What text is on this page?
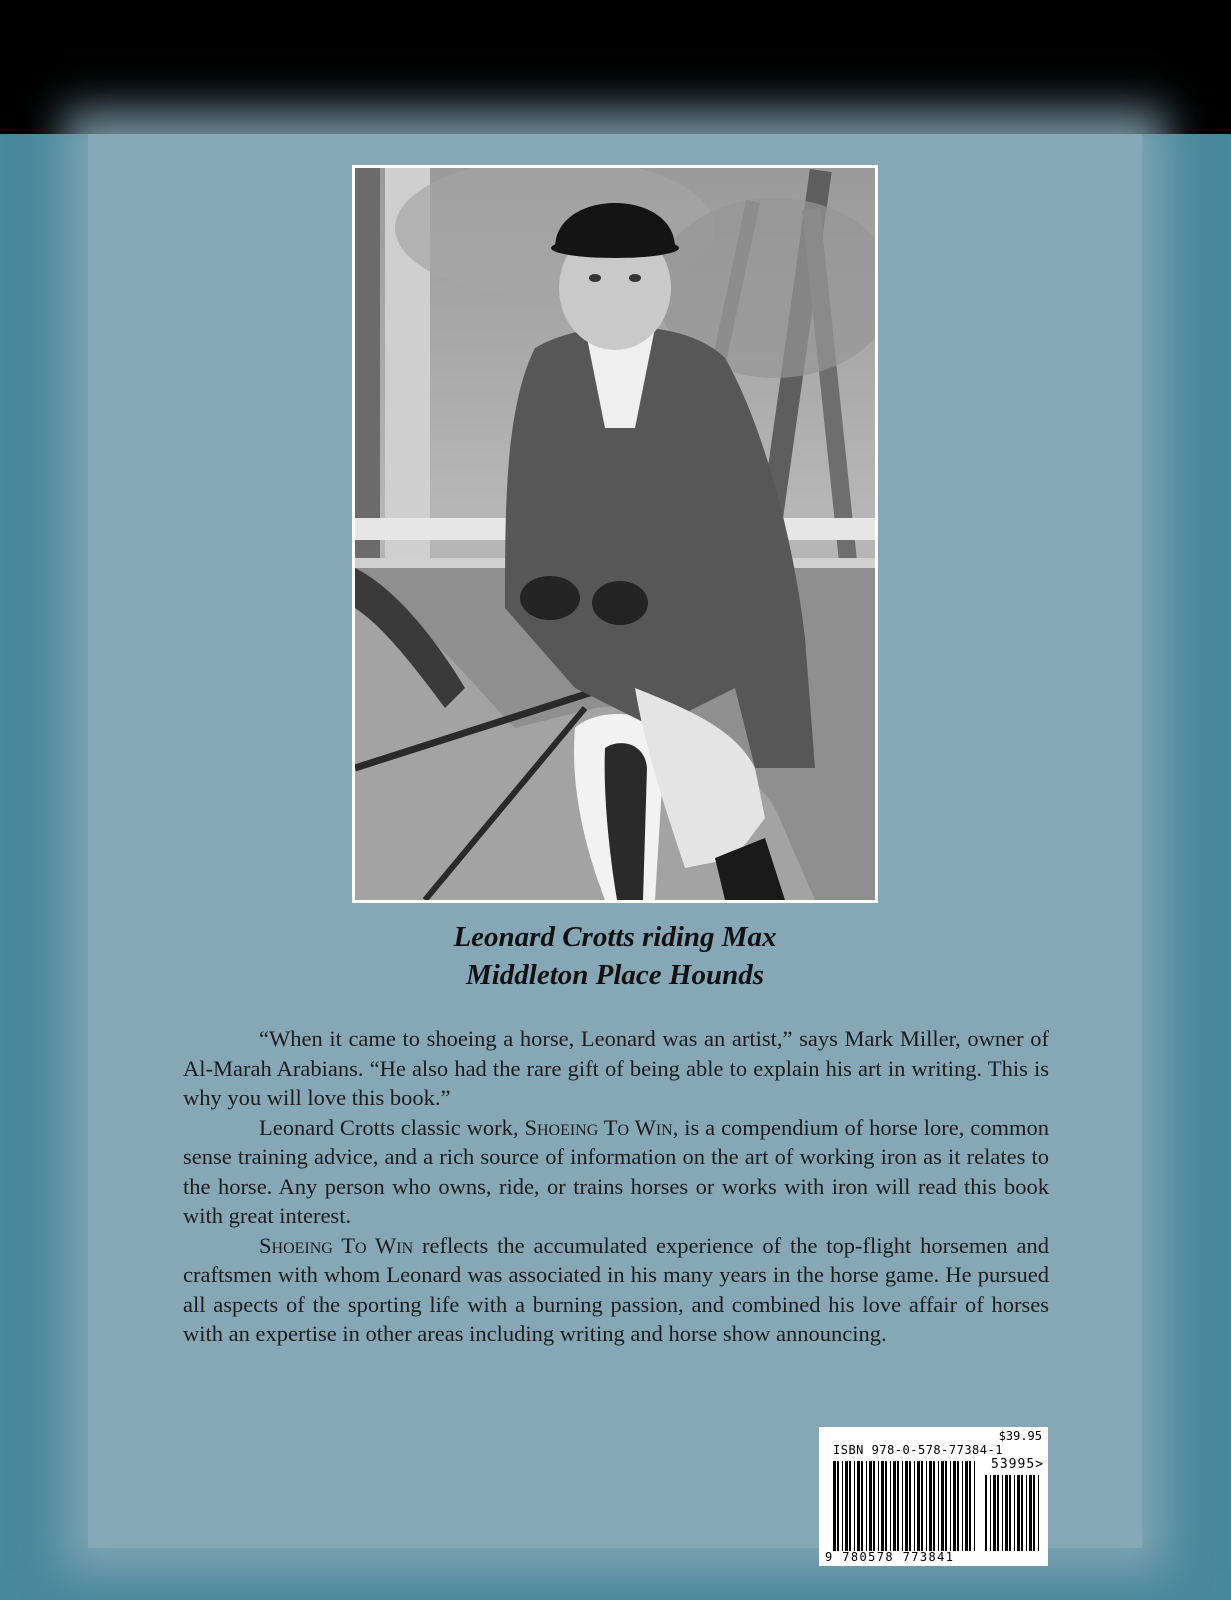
Leonard Crotts riding Max
Middleton Place Hounds

“When it came to shoeing a horse, Leonard was an artist,” says Mark Miller, owner of Al-Marah Arabians. “He also had the rare gift of being able to explain his art in writing. This is why you will love this book.”

Leonard Crotts classic work, Shoeing To Win, is a compendium of horse lore, common sense training advice, and a rich source of information on the art of working iron as it relates to the horse. Any person who owns, ride, or trains horses or works with iron will read this book with great interest.

Shoeing To Win reflects the accumulated experience of the top-flight horsemen and craftsmen with whom Leonard was associated in his many years in the horse game. He pursued all aspects of the sporting life with a burning passion, and combined his love affair of horses with an expertise in other areas including writing and horse show announcing.

$39.95
ISBN 978-0-578-77384-1
53995>
9 780578 773841
